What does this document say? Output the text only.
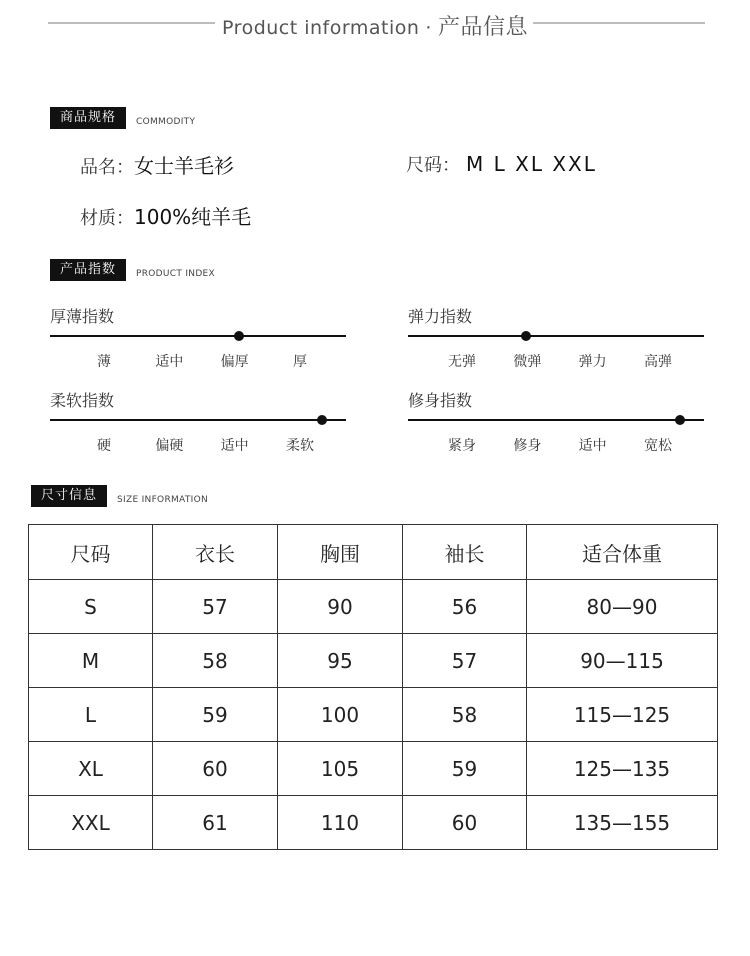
Product information · 产品信息
商品规格	COMMODITY
品名：女士羊毛衫	尺码： M L XL XXL
材质：100%纯羊毛
产品指数	PRODUCT INDEX
厚薄指数
薄	适中	偏厚	厚
弹力指数
无弹	微弹	弹力	高弹
柔软指数
硬	偏硬	适中	柔软
修身指数
紧身	修身	适中	宽松
尺寸信息	SIZE INFORMATION
尺码	衣长	胸围	袖长	适合体重
S	57	90	56	80—90
M	58	95	57	90—115
L	59	100	58	115—125
XL	60	105	59	125—135
XXL	61	110	60	135—155
